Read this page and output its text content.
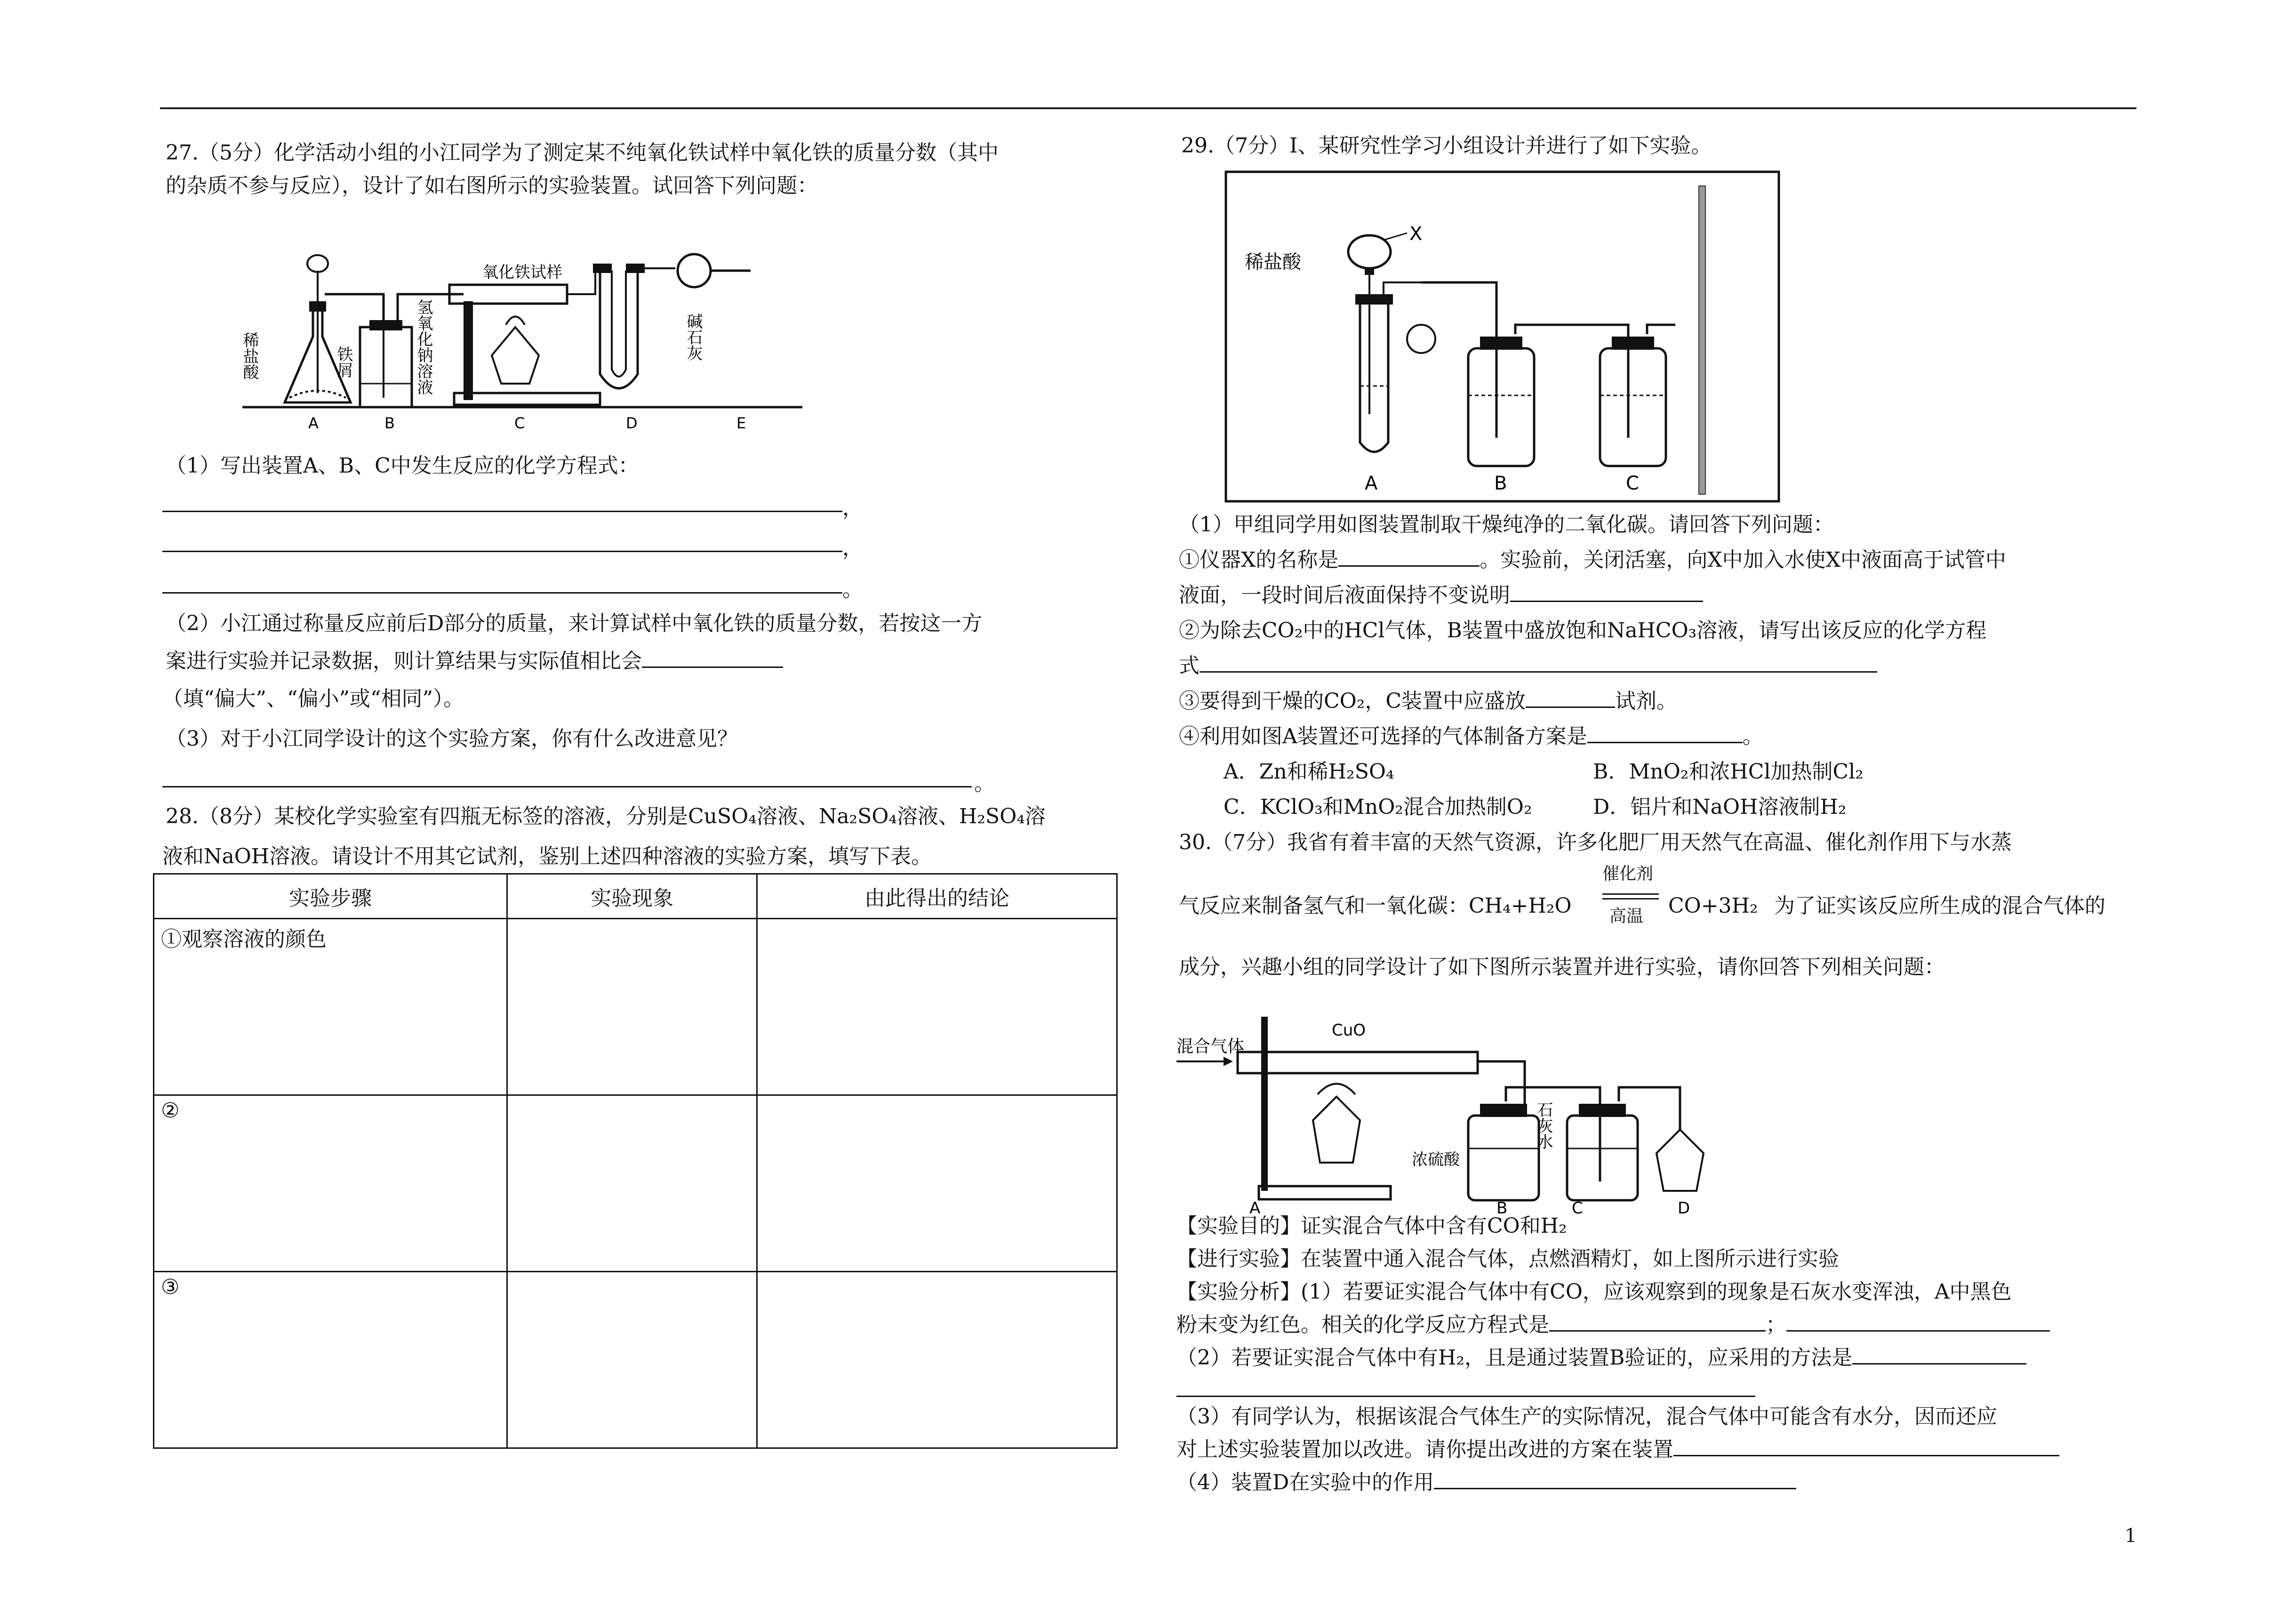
27.（5分）化学活动小组的小江同学为了测定某不纯氧化铁试样中氧化铁的质量分数（其中

的杂质不参与反应），设计了如右图所示的实验装置。试回答下列问题：

稀盐酸	铁屑	氢氧化钠溶液
氧化铁试样
碱石灰
A	B	C	D	E

（1）写出装置A、B、C中发生反应的化学方程式：

，
，
。

（2）小江通过称量反应前后D部分的质量，来计算试样中氧化铁的质量分数，若按这一方

案进行实验并记录数据，则计算结果与实际值相比会

（填“偏大”、“偏小”或“相同”）。

（3）对于小江同学设计的这个实验方案，你有什么改进意见？

。

28.（8分）某校化学实验室有四瓶无标签的溶液，分别是CuSO₄溶液、Na₂SO₄溶液、H₂SO₄溶

液和NaOH溶液。请设计不用其它试剂，鉴别上述四种溶液的实验方案，填写下表。

实验步骤	实验现象	由此得出的结论
①观察溶液的颜色		
②		
③		

29.（7分）I、某研究性学习小组设计并进行了如下实验。

稀盐酸
X
A	B	C

（1）甲组同学用如图装置制取干燥纯净的二氧化碳。请回答下列问题：

①仪器X的名称是	。实验前，关闭活塞，向X中加入水使X中液面高于试管中

液面，一段时间后液面保持不变说明

②为除去CO₂中的HCl气体，B装置中盛放饱和NaHCO₃溶液，请写出该反应的化学方程

式

③要得到干燥的CO₂，C装置中应盛放	试剂。

④利用如图A装置还可选择的气体制备方案是	。

A．Zn和稀H₂SO₄	B．MnO₂和浓HCl加热制Cl₂

C．KClO₃和MnO₂混合加热制O₂	D．铝片和NaOH溶液制H₂

30.（7分）我省有着丰富的天然气资源，许多化肥厂用天然气在高温、催化剂作用下与水蒸

气反应来制备氢气和一氧化碳：CH₄+H₂O
催化剂
高温 CO+3H₂ 为了证实该反应所生成的混合气体的

成分，兴趣小组的同学设计了如下图所示装置并进行实验，请你回答下列相关问题：

混合气体
CuO
浓硫酸
石灰水
A	B	C	D

【实验目的】证实混合气体中含有CO和H₂

【进行实验】在装置中通入混合气体，点燃酒精灯，如上图所示进行实验

【实验分析】(1）若要证实混合气体中有CO，应该观察到的现象是石灰水变浑浊，A中黑色

粉末变为红色。相关的化学反应方程式是	；

（2）若要证实混合气体中有H₂，且是通过装置B验证的，应采用的方法是

（3）有同学认为，根据该混合气体生产的实际情况，混合气体中可能含有水分，因而还应

对上述实验装置加以改进。请你提出改进的方案在装置

（4）装置D在实验中的作用

1
